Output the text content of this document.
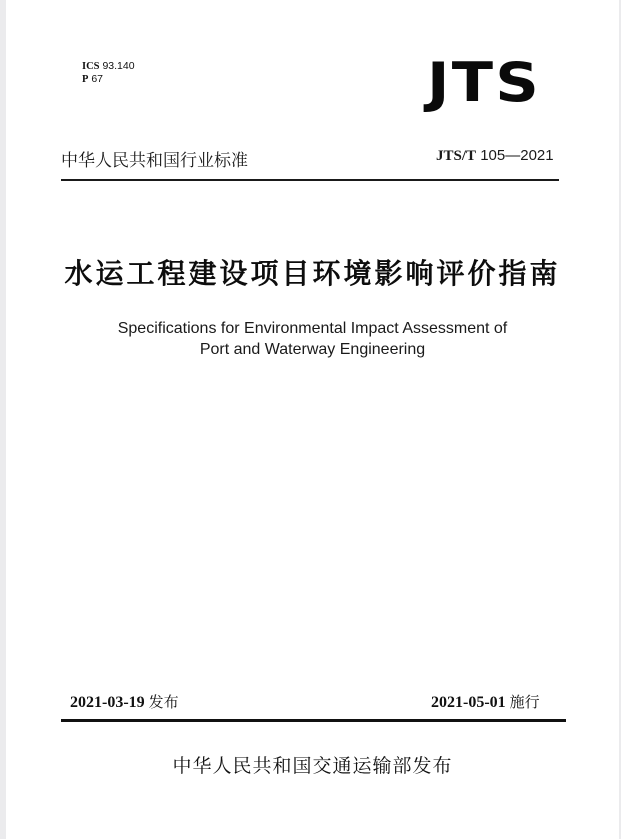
ICS 93.140
P 67	JTS
中华人民共和国行业标准	JTS/T 105—2021
水运工程建设项目环境影响评价指南
Specifications for Environmental Impact Assessment of
Port and Waterway Engineering
2021-03-19 发布	2021-05-01 施行
中华人民共和国交通运输部发布
